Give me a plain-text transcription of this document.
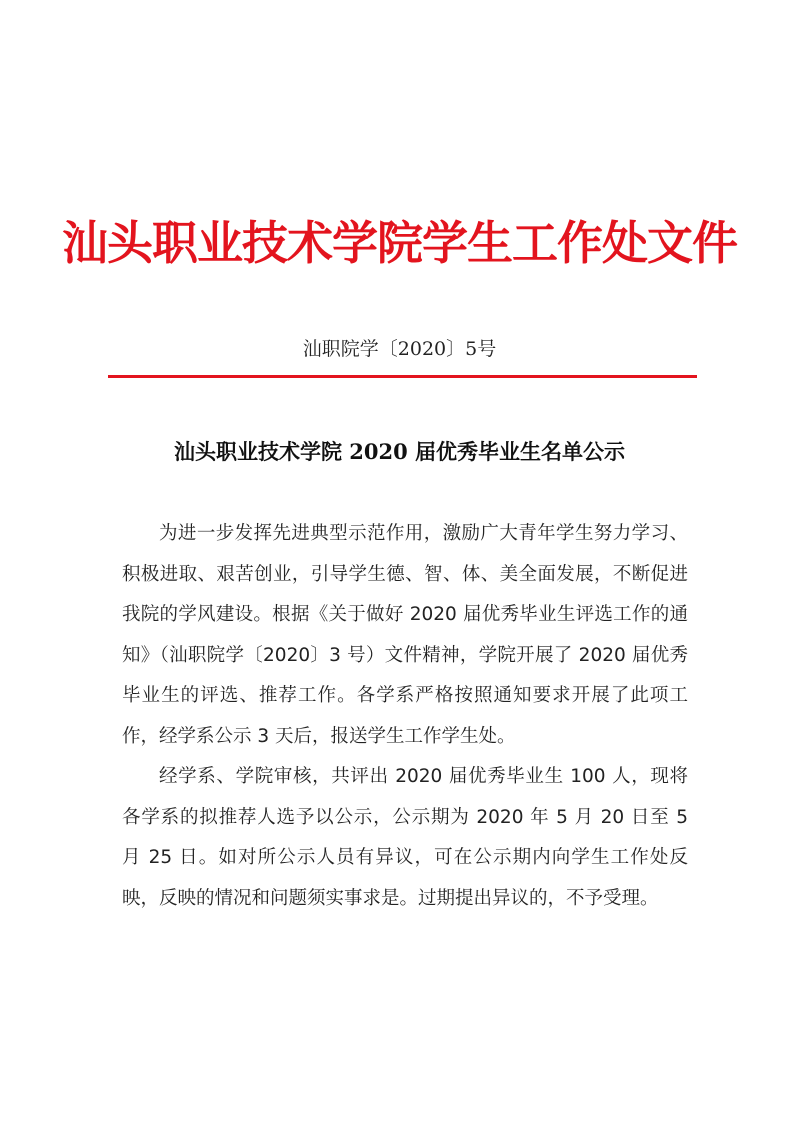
汕头职业技术学院学生工作处文件
汕职院学〔2020〕5号
汕头职业技术学院 2020 届优秀毕业生名单公示

为进一步发挥先进典型示范作用，激励广大青年学生努力学习、积极进取、艰苦创业，引导学生德、智、体、美全面发展，不断促进我院的学风建设。根据《关于做好 2020 届优秀毕业生评选工作的通知》（汕职院学〔2020〕3 号）文件精神，学院开展了 2020 届优秀毕业生的评选、推荐工作。各学系严格按照通知要求开展了此项工作，经学系公示 3 天后，报送学生工作学生处。

经学系、学院审核，共评出 2020 届优秀毕业生 100 人，现将各学系的拟推荐人选予以公示，公示期为 2020 年 5 月 20 日至 5 月 25 日。如对所公示人员有异议，可在公示期内向学生工作处反映，反映的情况和问题须实事求是。过期提出异议的，不予受理。
